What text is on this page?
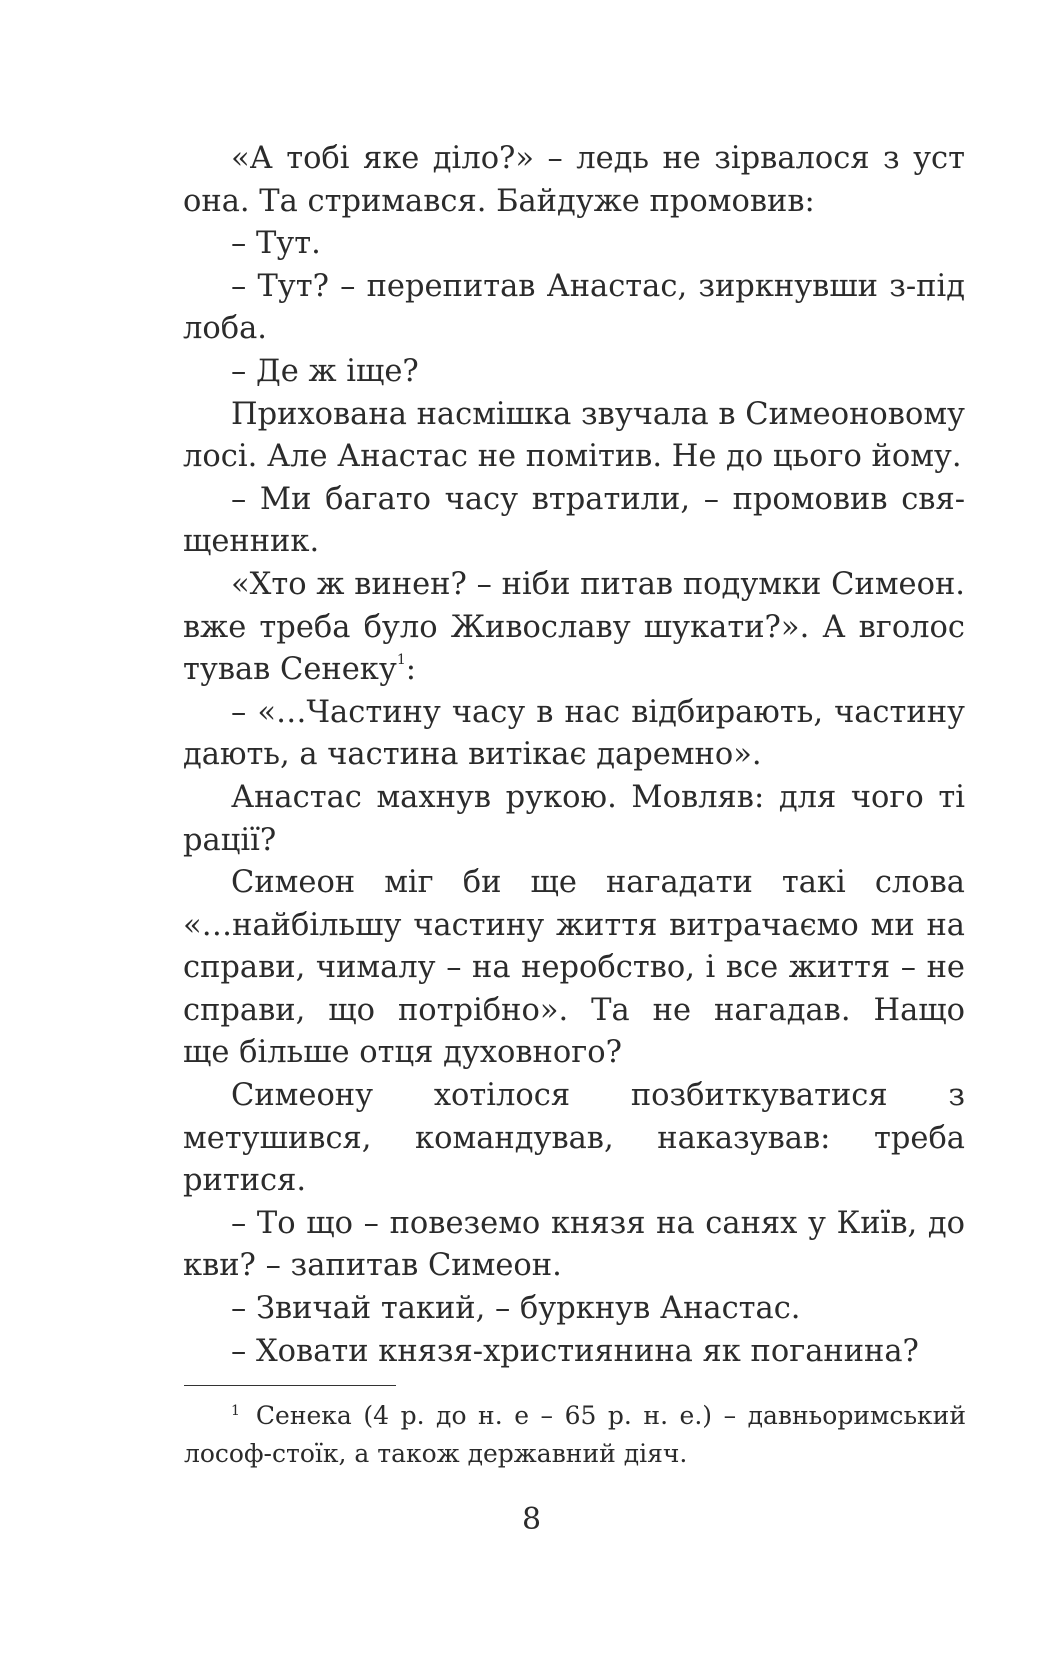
«А тобі яке діло?» – ледь не зірвалося з уст
она. Та стримався. Байдуже промовив:
– Тут.
– Тут? – перепитав Анастас, зиркнувши з-під
лоба.
– Де ж іще?
Прихована насмішка звучала в Симеоновому
лосі. Але Анастас не помітив. Не до цього йому.
– Ми багато часу втратили, – промовив свя-
щенник.
«Хто ж винен? – ніби питав подумки Симеон.
вже треба було Живославу шукати?». А вголос
тував Сенеку$^1$:
– «…Частину часу в нас відбирають, частину
дають, а частина витікає даремно».
Анастас махнув рукою. Мовляв: для чого ті
рації?
Симеон міг би ще нагадати такі слова
«…найбільшу частину життя витрачаємо ми на
справи, чималу – на неробство, і все життя – не
справи, що потрібно». Та не нагадав. Нащо
ще більше отця духовного?
Симеону хотілося позбиткуватися з
метушився, командував, наказував: треба
ритися.
– То що – повеземо князя на санях у Київ, до
кви? – запитав Симеон.
– Звичай такий, – буркнув Анастас.
– Ховати князя-християнина як поганина?
$^1$ Сенека (4 р. до н. е – 65 р. н. е.) – давньоримський
лософ-стоїк, а також державний діяч.
8
